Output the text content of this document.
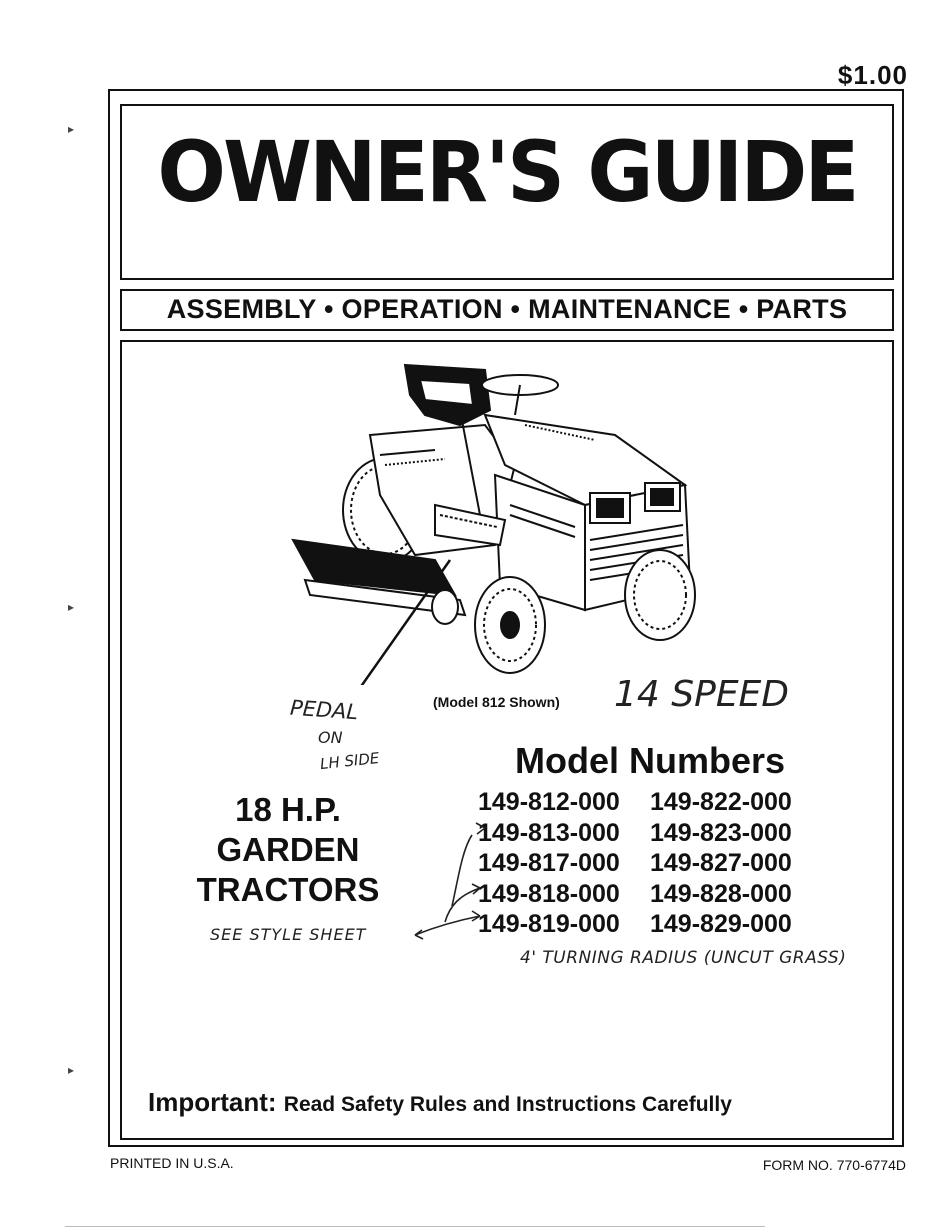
$1.00
OWNER'S GUIDE
ASSEMBLY • OPERATION • MAINTENANCE • PARTS
(Model 812 Shown) 14 SPEED
PEDAL
ON
LH SIDE	Model Numbers
18 H.P.
GARDEN
TRACTORS
149-812-000 149-822-000
149-813-000 149-823-000
149-817-000 149-827-000
149-818-000 149-828-000
149-819-000 149-829-000
SEE STYLE SHEET
4' TURNING RADIUS (UNCUT GRASS)
Important: Read Safety Rules and Instructions Carefully
PRINTED IN U.S.A.	FORM NO. 770-6774D
▸
▸
▸
